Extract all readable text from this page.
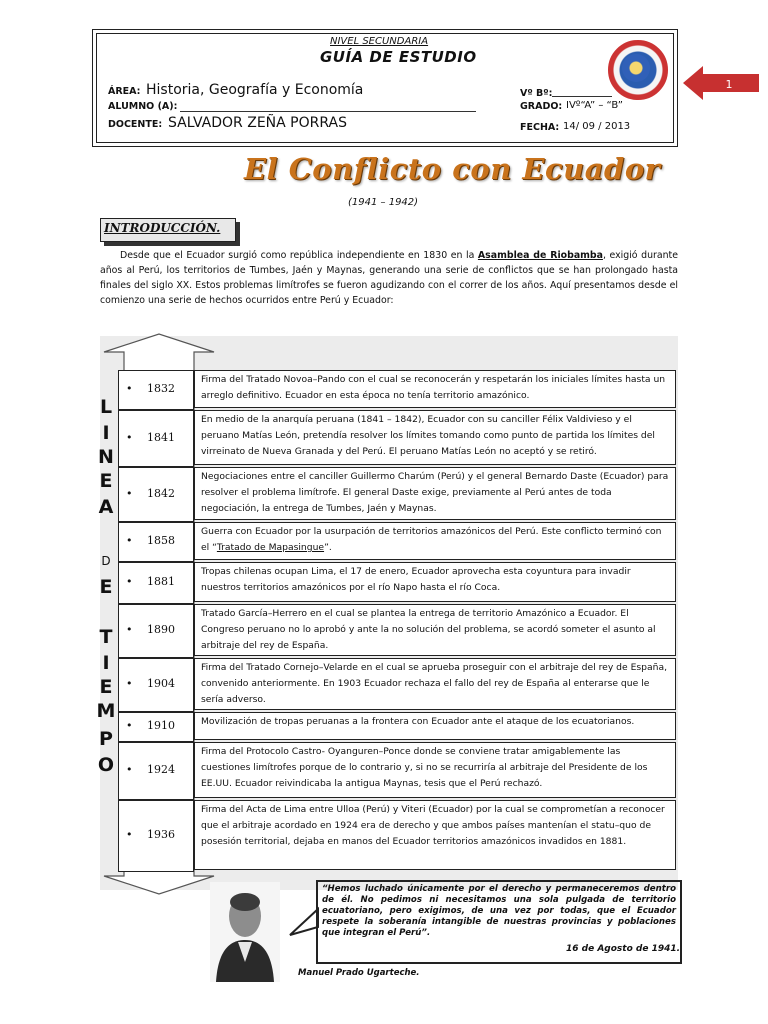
NIVEL SECUNDARIA
GUÍA DE ESTUDIO
ÁREA: Historia, Geografía y Economía
ALUMNO (A):
DOCENTE: SALVADOR ZEÑA PORRAS
Vº Bº:
GRADO: IVº“A” – “B”
FECHA: 14/ 09 / 2013
1
El Conflicto con Ecuador
(1941 – 1942)
INTRODUCCIÓN.
Desde que el Ecuador surgió como república independiente en 1830 en la Asamblea de Riobamba, exigió durante años al Perú, los territorios de Tumbes, Jaén y Maynas, generando una serie de conflictos que se han prolongado hasta finales del siglo XX. Estos problemas limítrofes se fueron agudizando con el correr de los años. Aquí presentamos desde el comienzo una serie de hechos ocurridos entre Perú y Ecuador:
L
I
N
E
A
D
E
T
I
E
M
P
O
• 1832
Firma del Tratado Novoa–Pando con el cual se reconocerán y respetarán los iniciales límites hasta un arreglo definitivo. Ecuador en esta época no tenía territorio amazónico.
• 1841
En medio de la anarquía peruana (1841 – 1842), Ecuador con su canciller Félix Valdivieso y el peruano Matías León, pretendía resolver los límites tomando como punto de partida los límites del virreinato de Nueva Granada y del Perú. El peruano Matías León no aceptó y se retiró.
• 1842
Negociaciones entre el canciller Guillermo Charúm (Perú) y el general Bernardo Daste (Ecuador) para resolver el problema limítrofe. El general Daste exige, previamente al Perú antes de toda negociación, la entrega de Tumbes, Jaén y Maynas.
• 1858
Guerra con Ecuador por la usurpación de territorios amazónicos del Perú. Este conflicto terminó con el “Tratado de Mapasingue”.
• 1881
Tropas chilenas ocupan Lima, el 17 de enero, Ecuador aprovecha esta coyuntura para invadir nuestros territorios amazónicos por el río Napo hasta el río Coca.
• 1890
Tratado García–Herrero en el cual se plantea la entrega de territorio Amazónico a Ecuador. El Congreso peruano no lo aprobó y ante la no solución del problema, se acordó someter el asunto al arbitraje del rey de España.
• 1904
Firma del Tratado Cornejo–Velarde en el cual se aprueba proseguir con el arbitraje del rey de España, convenido anteriormente. En 1903 Ecuador rechaza el fallo del rey de España al enterarse que le sería adverso.
• 1910	Movilización de tropas peruanas a la frontera con Ecuador ante el ataque de los ecuatorianos.
• 1924
Firma del Protocolo Castro- Oyanguren–Ponce donde se conviene tratar amigablemente las cuestiones limítrofes porque de lo contrario y, si no se recurriría al arbitraje del Presidente de los EE.UU. Ecuador reivindicaba la antigua Maynas, tesis que el Perú rechazó.
• 1936
Firma del Acta de Lima entre Ulloa (Perú) y Viteri (Ecuador) por la cual se comprometían a reconocer que el arbitraje acordado en 1924 era de derecho y que ambos países mantenían el statu–quo de posesión territorial, dejaba en manos del Ecuador territorios amazónicos invadidos en 1881.
Manuel Prado Ugarteche.
“Hemos luchado únicamente por el derecho y permaneceremos dentro de él. No pedimos ni necesitamos una sola pulgada de territorio ecuatoriano, pero exigimos, de una vez por todas, que el Ecuador respete la soberanía intangible de nuestras provincias y poblaciones que integran el Perú”.
16 de Agosto de 1941.
